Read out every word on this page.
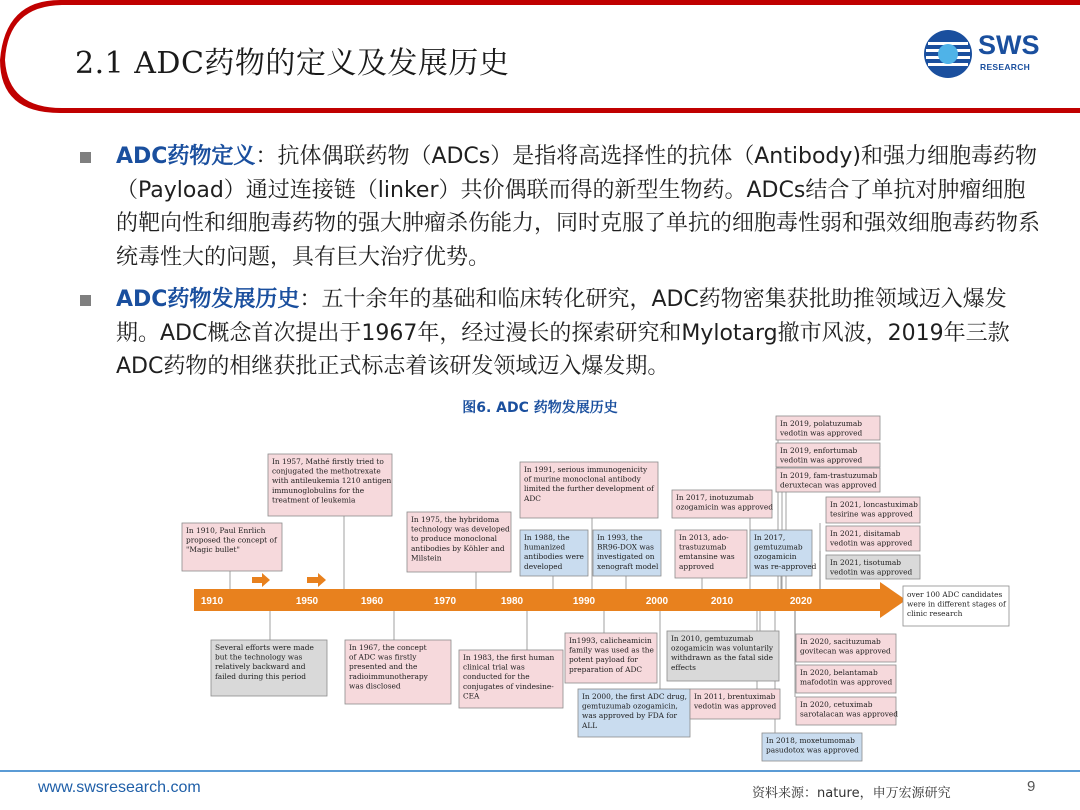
2.1 ADC药物的定义及发展历史
SWS
RESEARCH
ADC药物定义：抗体偶联药物（ADCs）是指将高选择性的抗体（Antibody)和强力细胞毒药物（Payload）通过连接链（linker）共价偶联而得的新型生物药。ADCs结合了单抗对肿瘤细胞的靶向性和细胞毒药物的强大肿瘤杀伤能力，同时克服了单抗的细胞毒性弱和强效细胞毒药物系统毒性大的问题，具有巨大治疗优势。
ADC药物发展历史：五十余年的基础和临床转化研究，ADC药物密集获批助推领域迈入爆发期。ADC概念首次提出于1967年，经过漫长的探索研究和Mylotarg撤市风波，2019年三款ADC药物的相继获批正式标志着该研发领域迈入爆发期。
图6. ADC 药物发展历史
1910	1950	1960	1970	1980	1990	2000	2010	2020
In 1957, Mathé firstly tried to
conjugated the methotrexate
with antileukemia 1210 antigen
immunoglobulins for the
treatment of leukemia
In 1910, Paul Enrlich
proposed the concept of
"Magic bullet"
In 1975, the hybridoma
technology was developed
to produce monoclonal
antibodies by Köhler and
Milstein
In 1991, serious immunogenicity
of murine monoclonal antibody
limited the further development of
ADC
In 1988, the
humanized
antibodies were
developed
In 1993, the
BR96-DOX was
investigated on
xenograft model
In 2017, inotuzumab
ozogamicin was approved
In 2013, ado-
trastuzumab
emtansine was
approved
In 2017,
gemtuzumab
ozogamicin
was re-approved
In 2019, polatuzumab
vedotin was approved
In 2019, enfortumab
vedotin was approved
In 2019, fam-trastuzumab
deruxtecan was approved
In 2021, loncastuximab
tesirine was approved
In 2021, disitamab
vedotin was approved
In 2021, tisotumab
vedotin was approved
Several efforts were made
but the technology was
relatively backward and
failed during this period
In 1967, the concept
of ADC was firstly
presented and the
radioimmunotherapy
was disclosed
In 1983, the first human
clinical trial was
conducted for the
conjugates of vindesine-
CEA
In1993, calicheamicin
family was used as the
potent payload for
preparation of ADC
In 2000, the first ADC drug,
gemtuzumab ozogamicin,
was approved by FDA for
ALL
In 2010, gemtuzumab
ozogamicin was voluntarily
withdrawn as the fatal side
effects
In 2011, brentuximab
vedotin was approved
In 2018, moxetumomab
pasudotox was approved
In 2020, sacituzumab
govitecan was approved
In 2020, belantamab
mafodotin was approved
In 2020, cetuximab
sarotalacan was approved
over 100 ADC candidates
were in different stages of
clinic research
www.swsresearch.com	资料来源：nature，申万宏源研究	9
